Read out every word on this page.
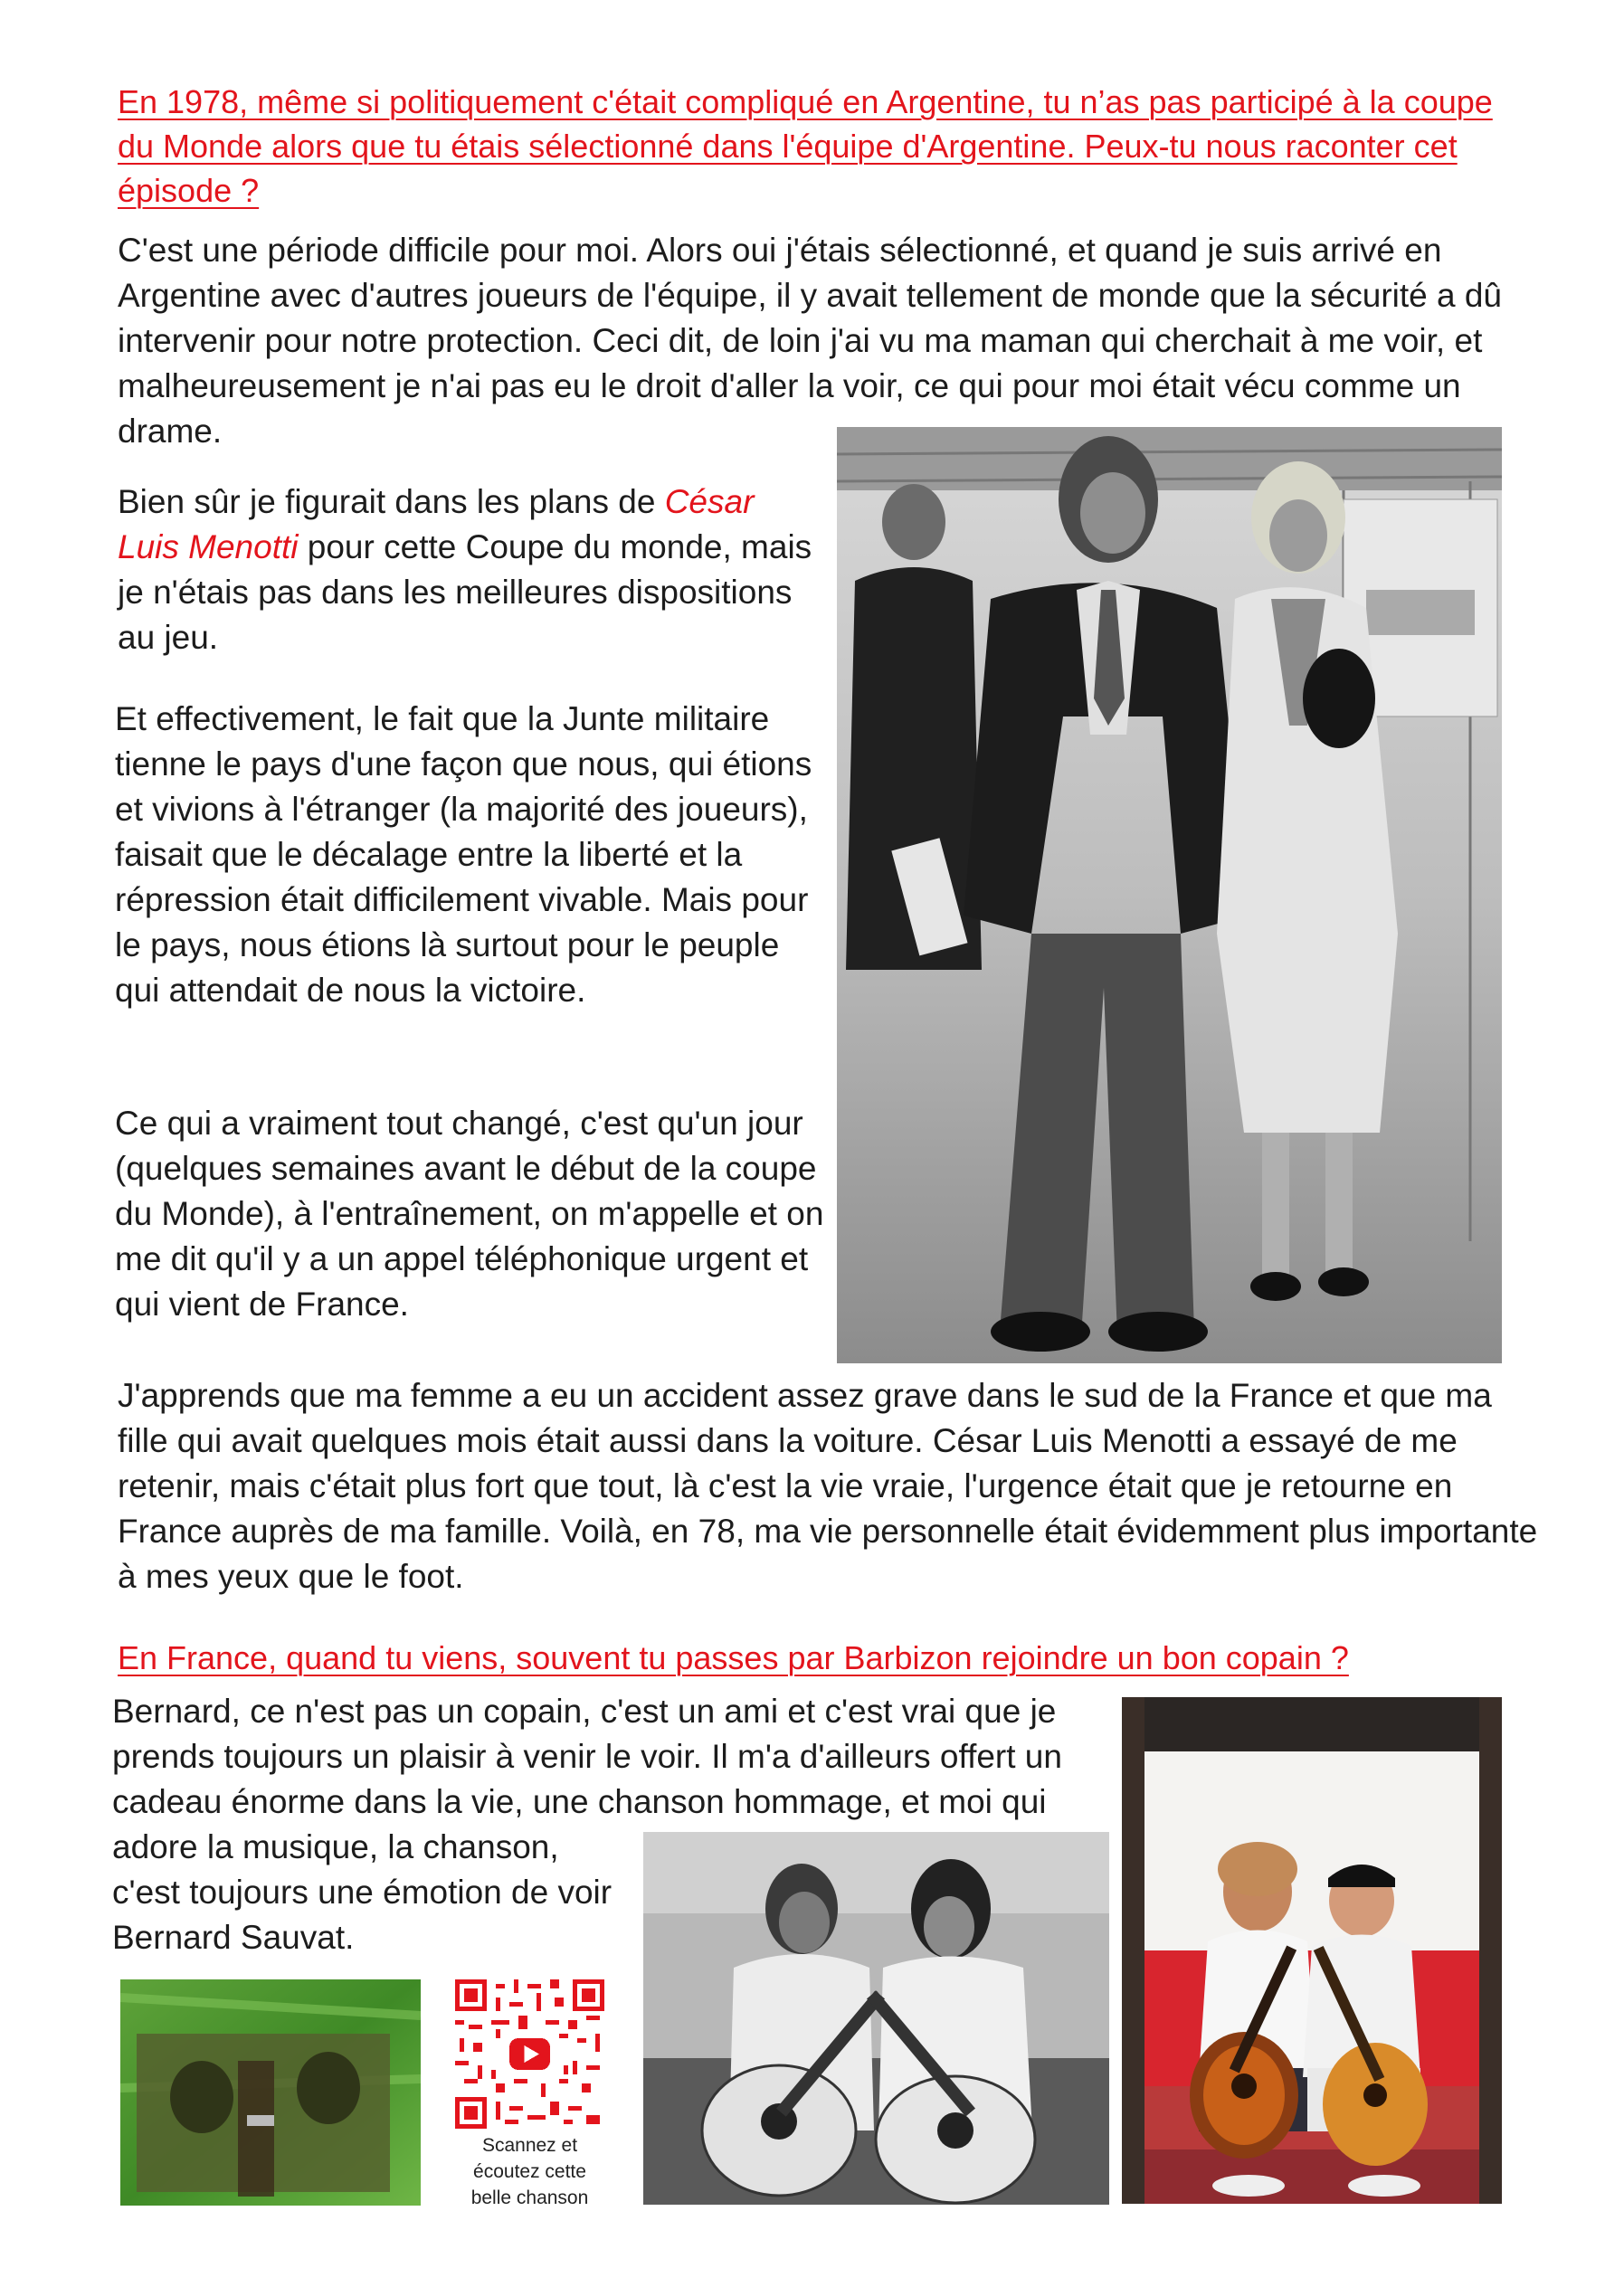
En 1978, même si politiquement c'était compliqué en Argentine, tu n’as pas participé à la coupe du Monde alors que tu étais sélectionné dans l'équipe d'Argentine. Peux-tu nous raconter cet épisode ?
C'est une période difficile pour moi. Alors oui j'étais sélectionné, et quand je suis arrivé en Argentine avec d'autres joueurs de l'équipe, il y avait tellement de monde que la sécurité a dû intervenir pour notre protection. Ceci dit, de loin j'ai vu ma maman qui cherchait à me voir, et malheureusement je n'ai pas eu le droit d'aller la voir, ce qui pour moi était vécu comme un drame.
Bien sûr je figurait dans les plans de César Luis Menotti pour cette Coupe du monde, mais je n'étais pas dans les meilleures dispositions au jeu.
Et effectivement, le fait que la Junte militaire tienne le pays d'une façon que nous, qui étions et vivions à l'étranger (la majorité des joueurs), faisait que le décalage entre la liberté et la répression était difficilement vivable. Mais pour le pays, nous étions là surtout pour le peuple qui attendait de nous la victoire.
Ce qui a vraiment tout changé, c'est qu'un jour (quelques semaines avant le début de la coupe du Monde), à l'entraînement, on m'appelle et on me dit qu'il y a un appel téléphonique urgent et qui vient de France.
J'apprends que ma femme a eu un accident assez grave dans le sud de la France et que ma fille qui avait quelques mois était aussi dans la voiture. César Luis Menotti a essayé de me retenir, mais c'était plus fort que tout, là c'est la vie vraie, l'urgence était que je retourne en France auprès de ma famille. Voilà, en 78, ma vie personnelle était évidemment plus importante à mes yeux que le foot.
En France, quand tu viens, souvent tu passes par Barbizon rejoindre un bon copain ?
Bernard, ce n'est pas un copain, c'est un ami et c'est vrai que je prends toujours un plaisir à venir le voir. Il m'a d'ailleurs offert un cadeau énorme dans la vie, une chanson hommage, et moi qui
adore la musique, la chanson, c'est toujours une émotion de voir Bernard Sauvat.
Scannez et
écoutez cette
belle chanson
